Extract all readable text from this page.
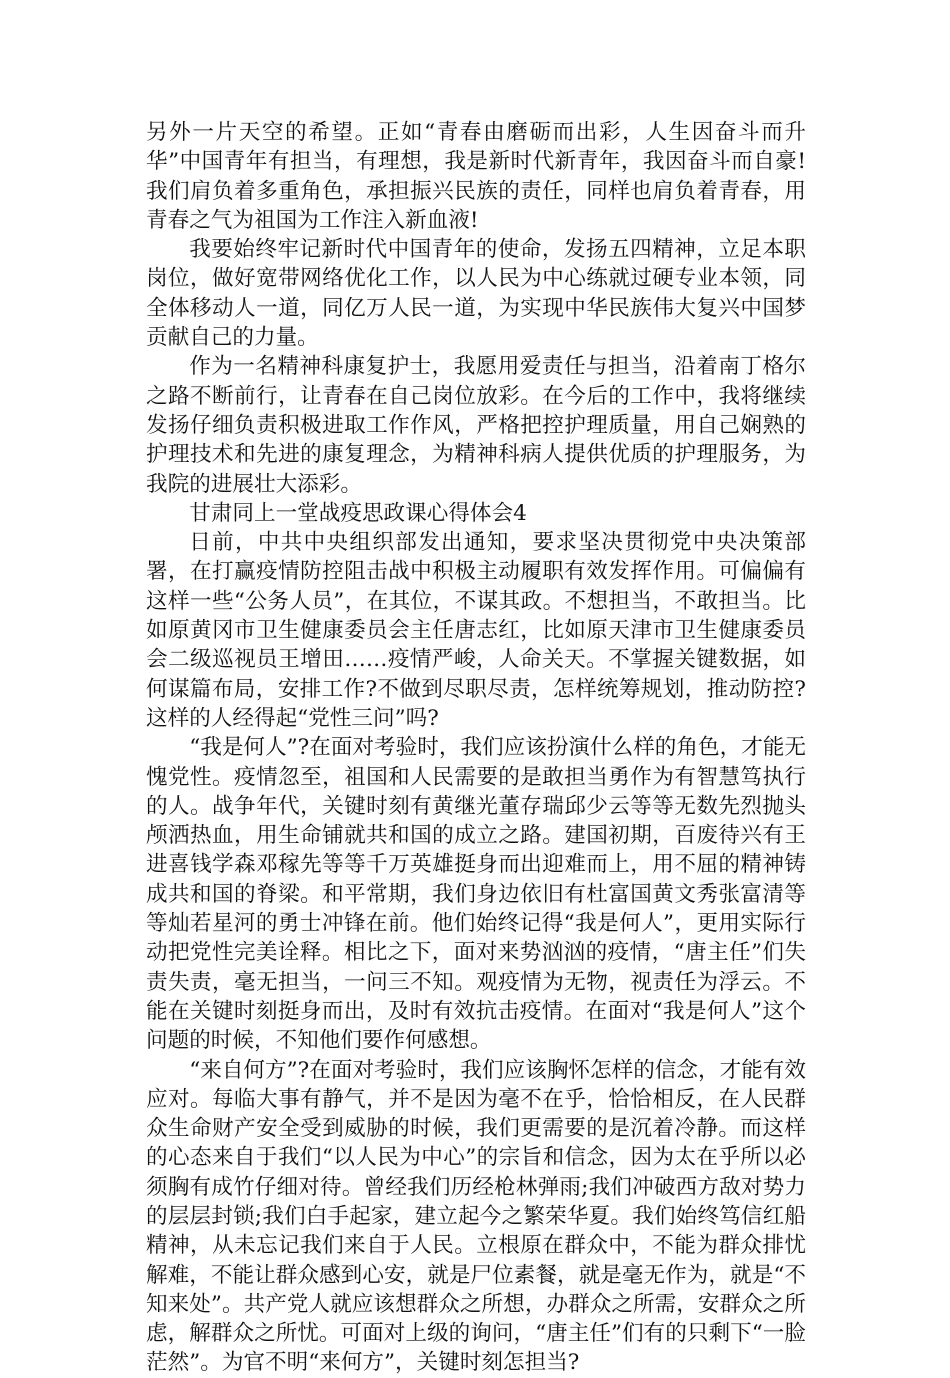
另外一片天空的希望。正如“青春由磨砺而出彩，人生因奋斗而升华”中国青年有担当，有理想，我是新时代新青年，我因奋斗而自豪!我们肩负着多重角色，承担振兴民族的责任，同样也肩负着青春，用青春之气为祖国为工作注入新血液!

我要始终牢记新时代中国青年的使命，发扬五四精神，立足本职岗位，做好宽带网络优化工作，以人民为中心练就过硬专业本领，同全体移动人一道，同亿万人民一道，为实现中华民族伟大复兴中国梦贡献自己的力量。

作为一名精神科康复护士，我愿用爱责任与担当，沿着南丁格尔之路不断前行，让青春在自己岗位放彩。在今后的工作中，我将继续发扬仔细负责积极进取工作作风，严格把控护理质量，用自己娴熟的护理技术和先进的康复理念，为精神科病人提供优质的护理服务，为我院的进展壮大添彩。

甘肃同上一堂战疫思政课心得体会4

日前，中共中央组织部发出通知，要求坚决贯彻党中央决策部署，在打赢疫情防控阻击战中积极主动履职有效发挥作用。可偏偏有这样一些“公务人员”，在其位，不谋其政。不想担当，不敢担当。比如原黄冈市卫生健康委员会主任唐志红，比如原天津市卫生健康委员会二级巡视员王增田……疫情严峻，人命关天。不掌握关键数据，如何谋篇布局，安排工作?不做到尽职尽责，怎样统筹规划，推动防控?这样的人经得起“党性三问”吗?

“我是何人”?在面对考验时，我们应该扮演什么样的角色，才能无愧党性。疫情忽至，祖国和人民需要的是敢担当勇作为有智慧笃执行的人。战争年代，关键时刻有黄继光董存瑞邱少云等等无数先烈抛头颅洒热血，用生命铺就共和国的成立之路。建国初期，百废待兴有王进喜钱学森邓稼先等等千万英雄挺身而出迎难而上，用不屈的精神铸成共和国的脊梁。和平常期，我们身边依旧有杜富国黄文秀张富清等等灿若星河的勇士冲锋在前。他们始终记得“我是何人”，更用实际行动把党性完美诠释。相比之下，面对来势汹汹的疫情，“唐主任”们失责失责，毫无担当，一问三不知。观疫情为无物，视责任为浮云。不能在关键时刻挺身而出，及时有效抗击疫情。在面对“我是何人”这个问题的时候，不知他们要作何感想。

“来自何方”?在面对考验时，我们应该胸怀怎样的信念，才能有效应对。每临大事有静气，并不是因为毫不在乎，恰恰相反，在人民群众生命财产安全受到威胁的时候，我们更需要的是沉着冷静。而这样的心态来自于我们“以人民为中心”的宗旨和信念，因为太在乎所以必须胸有成竹仔细对待。曾经我们历经枪林弹雨;我们冲破西方敌对势力的层层封锁;我们白手起家，建立起今之繁荣华夏。我们始终笃信红船精神，从未忘记我们来自于人民。立根原在群众中，不能为群众排忧解难，不能让群众感到心安，就是尸位素餐，就是毫无作为，就是“不知来处”。共产党人就应该想群众之所想，办群众之所需，安群众之所虑，解群众之所忧。可面对上级的询问，“唐主任”们有的只剩下“一脸茫然”。为官不明“来何方”，关键时刻怎担当?
